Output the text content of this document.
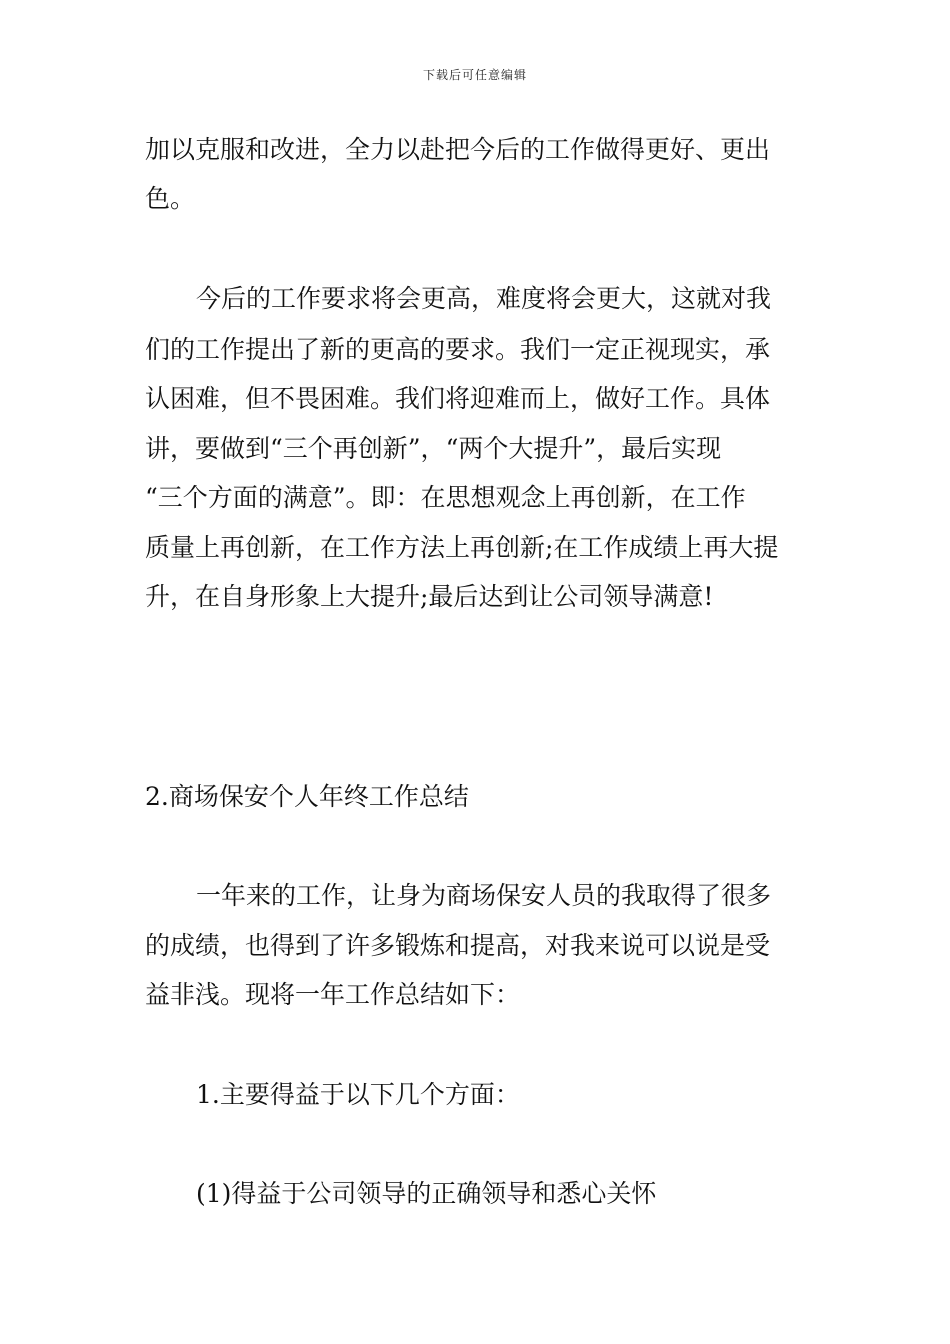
下载后可任意编辑
加以克服和改进，全力以赴把今后的工作做得更好、更出
色。
今后的工作要求将会更高，难度将会更大，这就对我
们的工作提出了新的更高的要求。我们一定正视现实，承
认困难，但不畏困难。我们将迎难而上，做好工作。具体
讲，要做到“三个再创新”，“两个大提升”，最后实现
“三个方面的满意”。即：在思想观念上再创新，在工作
质量上再创新，在工作方法上再创新;在工作成绩上再大提
升，在自身形象上大提升;最后达到让公司领导满意!
2.商场保安个人年终工作总结
一年来的工作，让身为商场保安人员的我取得了很多
的成绩，也得到了许多锻炼和提高，对我来说可以说是受
益非浅。现将一年工作总结如下：
1.主要得益于以下几个方面：
(1)得益于公司领导的正确领导和悉心关怀
